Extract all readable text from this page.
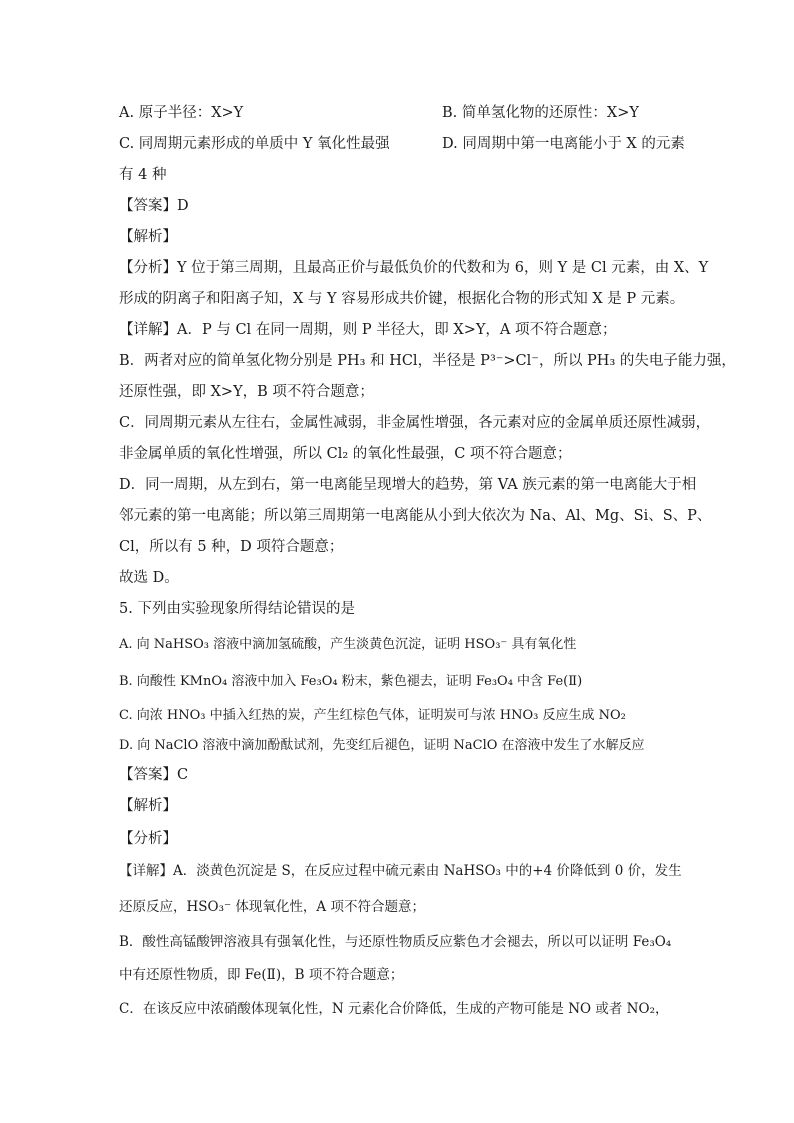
A. 原子半径：X>Y	B. 简单氢化物的还原性：X>Y
C. 同周期元素形成的单质中 Y 氧化性最强	D. 同周期中第一电离能小于 X 的元素
有 4 种
【答案】D
【解析】
【分析】Y 位于第三周期，且最高正价与最低负价的代数和为 6，则 Y 是 Cl 元素，由 X、Y
形成的阴离子和阳离子知，X 与 Y 容易形成共价键，根据化合物的形式知 X 是 P 元素。
【详解】A．P 与 Cl 在同一周期，则 P 半径大，即 X>Y，A 项不符合题意；
B．两者对应的简单氢化物分别是 PH₃ 和 HCl，半径是 P³⁻>Cl⁻，所以 PH₃ 的失电子能力强，
还原性强，即 X>Y，B 项不符合题意；
C．同周期元素从左往右，金属性减弱，非金属性增强，各元素对应的金属单质还原性减弱，
非金属单质的氧化性增强，所以 Cl₂ 的氧化性最强，C 项不符合题意；
D．同一周期，从左到右，第一电离能呈现增大的趋势，第 VA 族元素的第一电离能大于相
邻元素的第一电离能；所以第三周期第一电离能从小到大依次为 Na、Al、Mg、Si、S、P、
Cl，所以有 5 种，D 项符合题意；
故选 D。
5. 下列由实验现象所得结论错误的是
A. 向 NaHSO₃ 溶液中滴加氢硫酸，产生淡黄色沉淀，证明 HSO₃⁻ 具有氧化性
B. 向酸性 KMnO₄ 溶液中加入 Fe₃O₄ 粉末，紫色褪去，证明 Fe₃O₄ 中含 Fe(Ⅱ)
C. 向浓 HNO₃ 中插入红热的炭，产生红棕色气体，证明炭可与浓 HNO₃ 反应生成 NO₂
D. 向 NaClO 溶液中滴加酚酞试剂，先变红后褪色，证明 NaClO 在溶液中发生了水解反应
【答案】C
【解析】
【分析】
【详解】A．淡黄色沉淀是 S，在反应过程中硫元素由 NaHSO₃ 中的+4 价降低到 0 价，发生
还原反应，HSO₃⁻ 体现氧化性，A 项不符合题意；
B．酸性高锰酸钾溶液具有强氧化性，与还原性物质反应紫色才会褪去，所以可以证明 Fe₃O₄
中有还原性物质，即 Fe(Ⅱ)，B 项不符合题意；
C．在该反应中浓硝酸体现氧化性，N 元素化合价降低，生成的产物可能是 NO 或者 NO₂，
